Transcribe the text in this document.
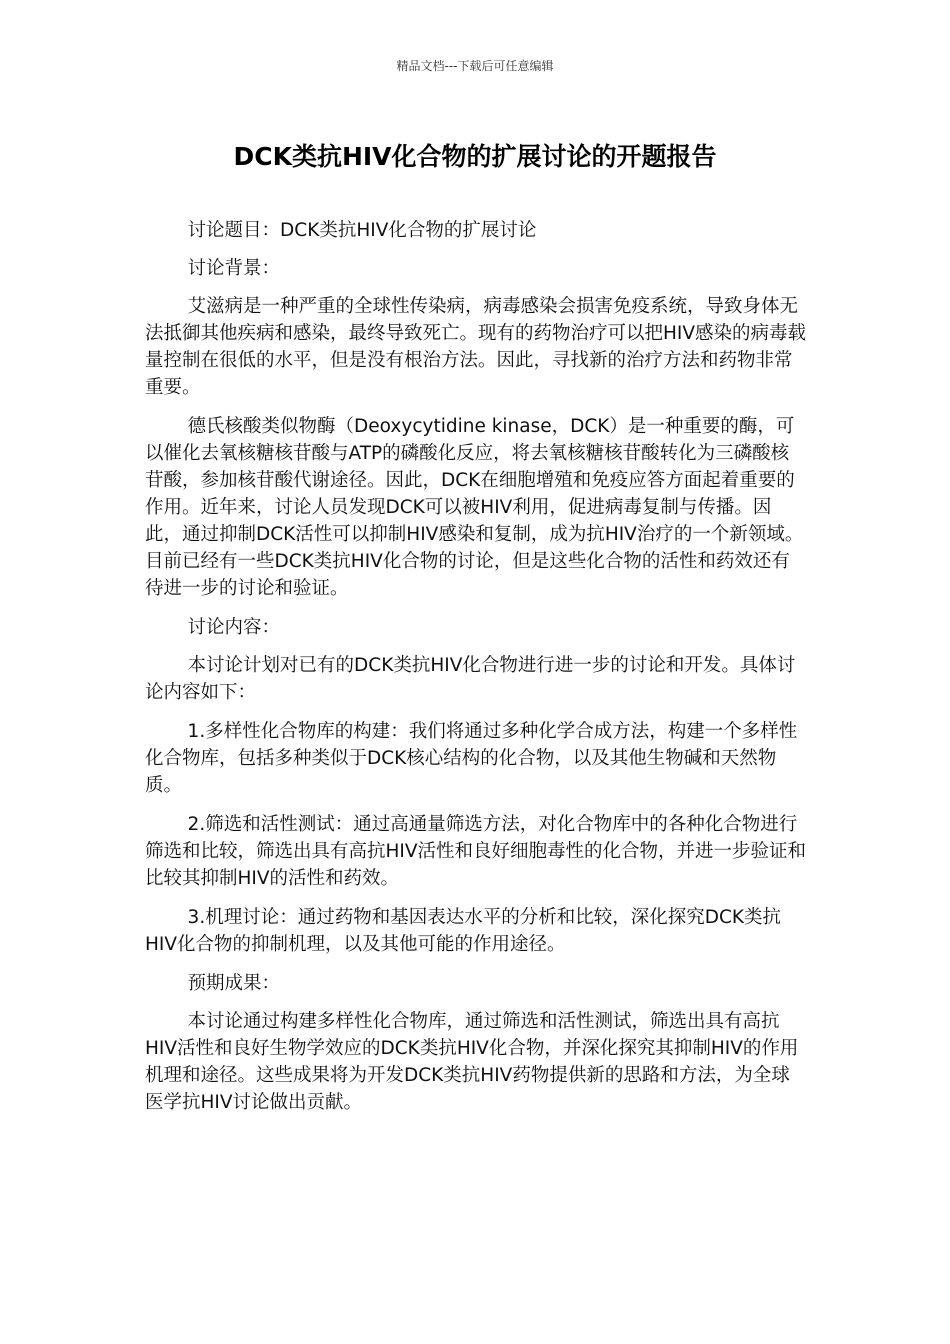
精品文档---下载后可任意编辑
DCK类抗HIV化合物的扩展讨论的开题报告

讨论题目：DCK类抗HIV化合物的扩展讨论

讨论背景：

艾滋病是一种严重的全球性传染病，病毒感染会损害免疫系统，导致身体无法抵御其他疾病和感染，最终导致死亡。现有的药物治疗可以把HIV感染的病毒载量控制在很低的水平，但是没有根治方法。因此，寻找新的治疗方法和药物非常重要。

德氏核酸类似物酶（Deoxycytidine kinase，DCK）是一种重要的酶，可以催化去氧核糖核苷酸与ATP的磷酸化反应，将去氧核糖核苷酸转化为三磷酸核苷酸，参加核苷酸代谢途径。因此，DCK在细胞增殖和免疫应答方面起着重要的作用。近年来，讨论人员发现DCK可以被HIV利用，促进病毒复制与传播。因此，通过抑制DCK活性可以抑制HIV感染和复制，成为抗HIV治疗的一个新领域。目前已经有一些DCK类抗HIV化合物的讨论，但是这些化合物的活性和药效还有待进一步的讨论和验证。

讨论内容：

本讨论计划对已有的DCK类抗HIV化合物进行进一步的讨论和开发。具体讨论内容如下：

1.多样性化合物库的构建：我们将通过多种化学合成方法，构建一个多样性化合物库，包括多种类似于DCK核心结构的化合物，以及其他生物碱和天然物质。

2.筛选和活性测试：通过高通量筛选方法，对化合物库中的各种化合物进行筛选和比较，筛选出具有高抗HIV活性和良好细胞毒性的化合物，并进一步验证和比较其抑制HIV的活性和药效。

3.机理讨论：通过药物和基因表达水平的分析和比较，深化探究DCK类抗HIV化合物的抑制机理，以及其他可能的作用途径。

预期成果：

本讨论通过构建多样性化合物库，通过筛选和活性测试，筛选出具有高抗HIV活性和良好生物学效应的DCK类抗HIV化合物，并深化探究其抑制HIV的作用机理和途径。这些成果将为开发DCK类抗HIV药物提供新的思路和方法，为全球医学抗HIV讨论做出贡献。
